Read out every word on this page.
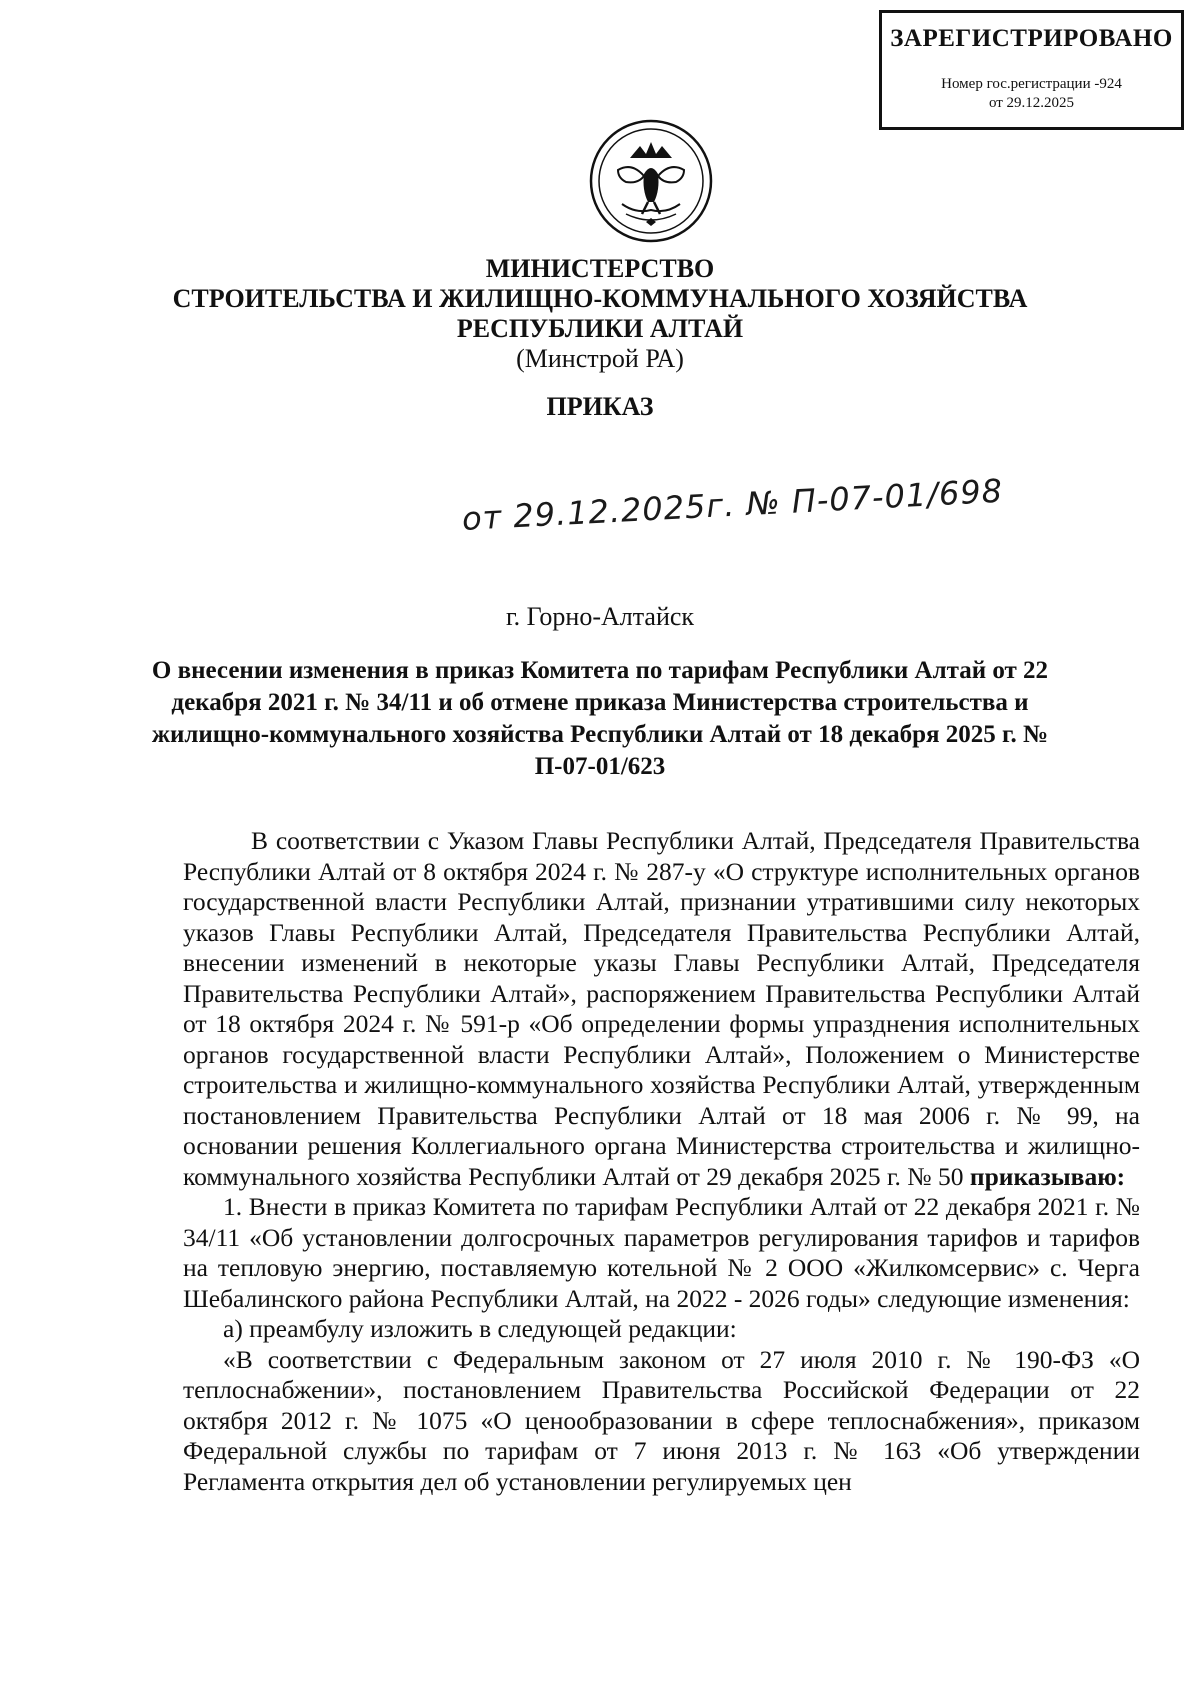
ЗАРЕГИСТРИРОВАНО
Номер гос.регистрации -924
от 29.12.2025
МИНИСТЕРСТВО
СТРОИТЕЛЬСТВА И ЖИЛИЩНО-КОММУНАЛЬНОГО ХОЗЯЙСТВА
РЕСПУБЛИКИ АЛТАЙ
(Минстрой РА)
ПРИКАЗ
от 29.12.2025г. № П-07-01/698
г. Горно-Алтайск
О внесении изменения в приказ Комитета по тарифам Республики Алтай от 22 декабря 2021 г. № 34/11 и об отмене приказа Министерства строительства и жилищно-коммунального хозяйства Республики Алтай от 18 декабря 2025 г. № П-07-01/623

В соответствии с Указом Главы Республики Алтай, Председателя Правительства Республики Алтай от 8 октября 2024 г. № 287-у «О структуре исполнительных органов государственной власти Республики Алтай, признании утратившими силу некоторых указов Главы Республики Алтай, Председателя Правительства Республики Алтай, внесении изменений в некоторые указы Главы Республики Алтай, Председателя Правительства Республики Алтай», распоряжением Правительства Республики Алтай от 18 октября 2024 г. № 591-р «Об определении формы упразднения исполнительных органов государственной власти Республики Алтай», Положением о Министерстве строительства и жилищно-коммунального хозяйства Республики Алтай, утвержденным постановлением Правительства Республики Алтай от 18 мая 2006 г. № 99, на основании решения Коллегиального органа Министерства строительства и жилищно-коммунального хозяйства Республики Алтай от 29 декабря 2025 г. № 50 приказываю:

1. Внести в приказ Комитета по тарифам Республики Алтай от 22 декабря 2021 г. № 34/11 «Об установлении долгосрочных параметров регулирования тарифов и тарифов на тепловую энергию, поставляемую котельной № 2 ООО «Жилкомсервис» с. Черга Шебалинского района Республики Алтай, на 2022 - 2026 годы» следующие изменения:

а) преамбулу изложить в следующей редакции:

«В соответствии с Федеральным законом от 27 июля 2010 г. № 190-ФЗ «О теплоснабжении», постановлением Правительства Российской Федерации от 22 октября 2012 г. № 1075 «О ценообразовании в сфере теплоснабжения», приказом Федеральной службы по тарифам от 7 июня 2013 г. № 163 «Об утверждении Регламента открытия дел об установлении регулируемых цен
